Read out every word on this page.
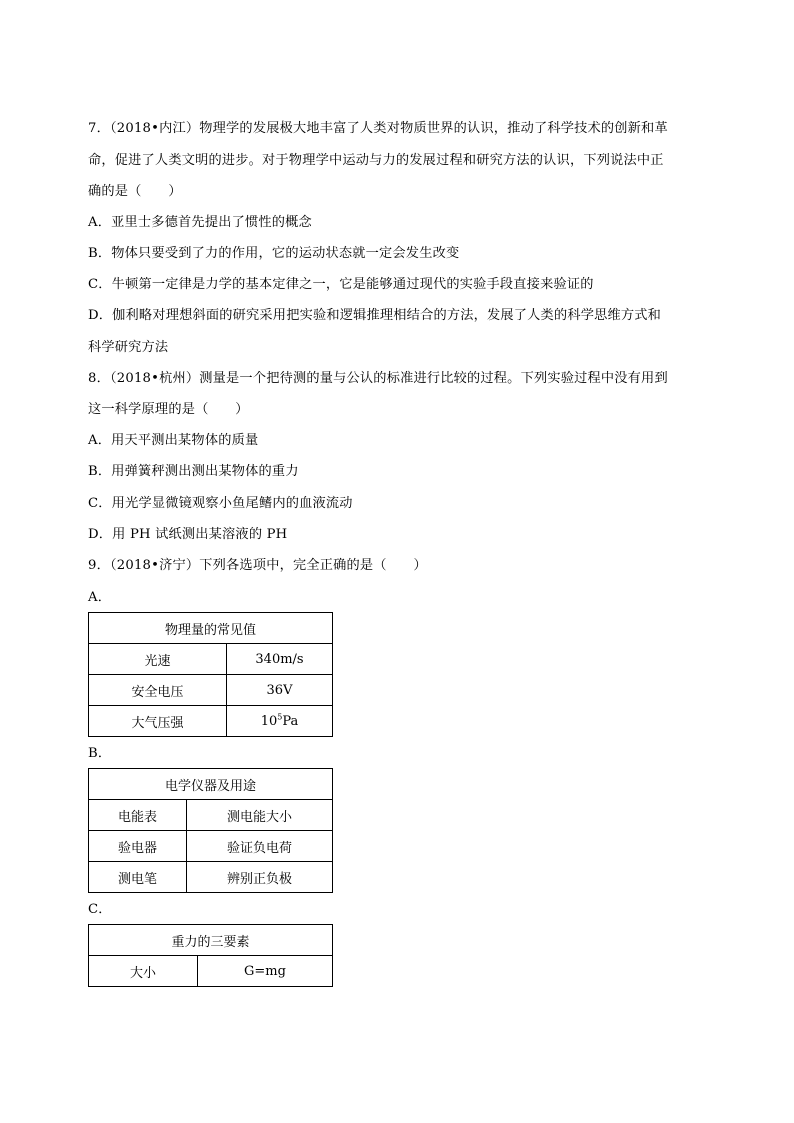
7．（2018•内江）物理学的发展极大地丰富了人类对物质世界的认识，推动了科学技术的创新和革
命，促进了人类文明的进步。对于物理学中运动与力的发展过程和研究方法的认识，下列说法中正
确的是（　　）
A．亚里士多德首先提出了惯性的概念
B．物体只要受到了力的作用，它的运动状态就一定会发生改变
C．牛顿第一定律是力学的基本定律之一，它是能够通过现代的实验手段直接来验证的
D．伽利略对理想斜面的研究采用把实验和逻辑推理相结合的方法，发展了人类的科学思维方式和
科学研究方法
8．（2018•杭州）测量是一个把待测的量与公认的标准进行比较的过程。下列实验过程中没有用到
这一科学原理的是（　　）
A．用天平测出某物体的质量
B．用弹簧秤测出测出某物体的重力
C．用光学显微镜观察小鱼尾鳍内的血液流动
D．用 PH 试纸测出某溶液的 PH
9．（2018•济宁）下列各选项中，完全正确的是（　　）
A．
物理量的常见值	
光速	340m/s
安全电压	36V
大气压强	$10^5Pa$
B．
电学仪器及用途	
电能表	测电能大小
验电器	验证负电荷
测电笔	辨别正负极
C．
重力的三要素
大小	G=mg
